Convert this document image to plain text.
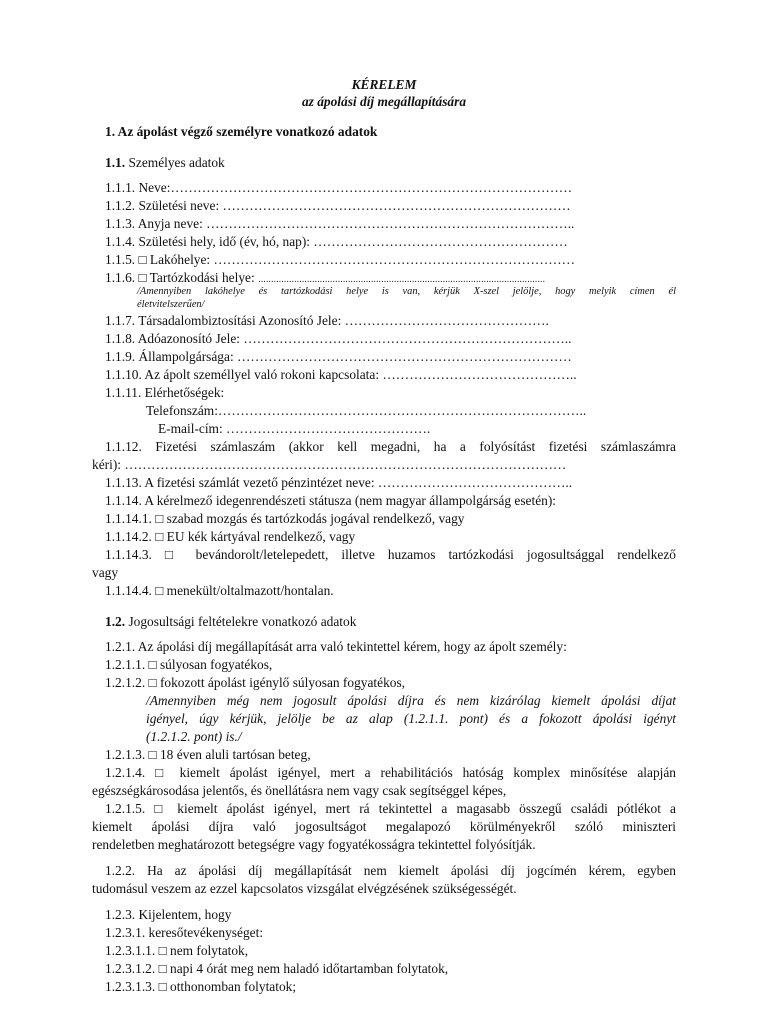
KÉRELEM
az ápolási díj megállapítására
1. Az ápolást végző személyre vonatkozó adatok
1.1. Személyes adatok
1.1.1. Neve:………………………………………………………………………………
1.1.2. Születési neve: ……………………………………………………………………
1.1.3. Anyja neve: ………………………………………………………………………..
1.1.4. Születési hely, idő (év, hó, nap): …………………………………………………
1.1.5. □ Lakóhelye: ………………………………………………………………………
1.1.6. □ Tartózkodási helye: ................................................................................................................
/Amennyiben lakóhelye és tartózkodási helye is van, kérjük X-szel jelölje, hogy melyik címen él
életvitelszerűen/
1.1.7. Társadalombiztosítási Azonosító Jele: ……………………………………….
1.1.8. Adóazonosító Jele: ………………………………………………………………..
1.1.9. Állampolgársága: …………………………………………………………………
1.1.10. Az ápolt személlyel való rokoni kapcsolata: ……………………………………..
1.1.11. Elérhetőségek:
Telefonszám:………………………………………………………………………..
E-mail-cím: ……………………………………….
1.1.12. Fizetési számlaszám (akkor kell megadni, ha a folyósítást fizetési számlaszámra
kéri): ………………………………………………………………………………………
1.1.13. A fizetési számlát vezető pénzintézet neve: ……………………………………..
1.1.14. A kérelmező idegenrendészeti státusza (nem magyar állampolgárság esetén):
1.1.14.1. □ szabad mozgás és tartózkodás jogával rendelkező, vagy
1.1.14.2. □ EU kék kártyával rendelkező, vagy
1.1.14.3. □ bevándorolt/letelepedett, illetve huzamos tartózkodási jogosultsággal rendelkező
vagy
1.1.14.4. □ menekült/oltalmazott/hontalan.
1.2. Jogosultsági feltételekre vonatkozó adatok
1.2.1. Az ápolási díj megállapítását arra való tekintettel kérem, hogy az ápolt személy:
1.2.1.1. □ súlyosan fogyatékos,
1.2.1.2. □ fokozott ápolást igénylő súlyosan fogyatékos,
/Amennyiben még nem jogosult ápolási díjra és nem kizárólag kiemelt ápolási díjat
igényel, úgy kérjük, jelölje be az alap (1.2.1.1. pont) és a fokozott ápolási igényt
(1.2.1.2. pont) is./
1.2.1.3. □ 18 éven aluli tartósan beteg,
1.2.1.4. □ kiemelt ápolást igényel, mert a rehabilitációs hatóság komplex minősítése alapján
egészségkárosodása jelentős, és önellátásra nem vagy csak segítséggel képes,
1.2.1.5. □ kiemelt ápolást igényel, mert rá tekintettel a magasabb összegű családi pótlékot a
kiemelt ápolási díjra való jogosultságot megalapozó körülményekről szóló miniszteri
rendeletben meghatározott betegségre vagy fogyatékosságra tekintettel folyósítják.
1.2.2. Ha az ápolási díj megállapítását nem kiemelt ápolási díj jogcímén kérem, egyben
tudomásul veszem az ezzel kapcsolatos vizsgálat elvégzésének szükségességét.
1.2.3. Kijelentem, hogy
1.2.3.1. keresőtevékenységet:
1.2.3.1.1. □ nem folytatok,
1.2.3.1.2. □ napi 4 órát meg nem haladó időtartamban folytatok,
1.2.3.1.3. □ otthonomban folytatok;
